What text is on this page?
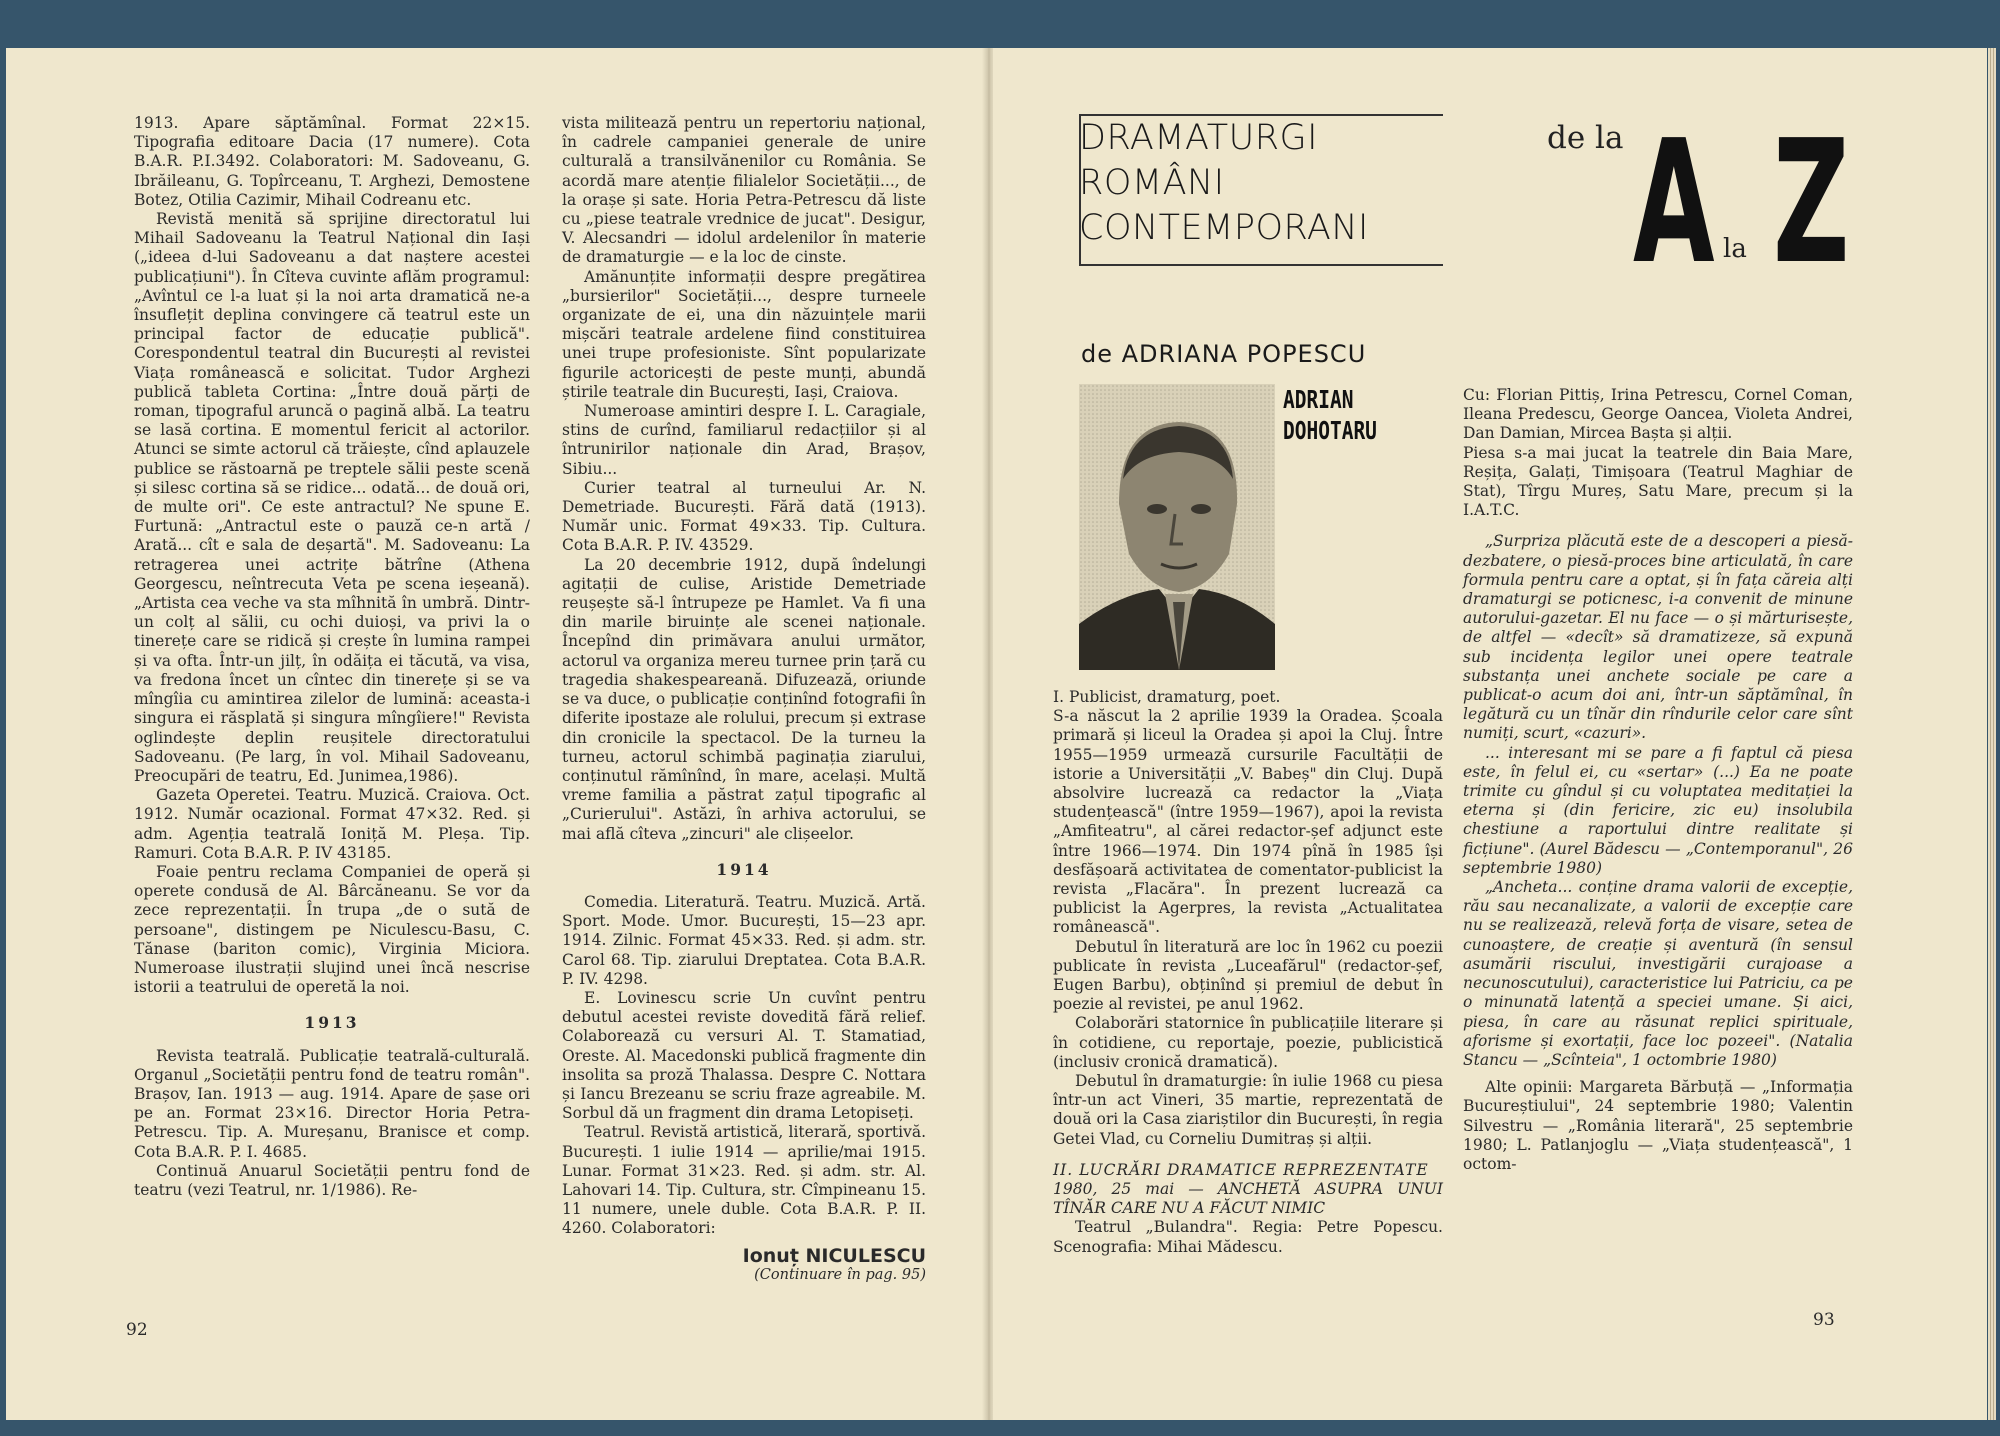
1913. Apare săptămînal. Format 22×15. Tipografia editoare Dacia (17 numere). Cota B.A.R. P.I.3492. Colaboratori: M. Sadoveanu, G. Ibrăileanu, G. Topîrceanu, T. Arghezi, Demostene Botez, Otilia Cazimir, Mihail Codreanu etc.

Revistă menită să sprijine directoratul lui Mihail Sadoveanu la Teatrul Național din Iași („ideea d-lui Sadoveanu a dat naștere acestei publicațiuni"). În Cîteva cuvinte aflăm programul: „Avîntul ce l-a luat și la noi arta dramatică ne-a însuflețit deplina convingere că teatrul este un principal factor de educație publică". Corespondentul teatral din București al revistei Viața românească e solicitat. Tudor Arghezi publică tableta Cortina: „Între două părți de roman, tipograful aruncă o pagină albă. La teatru se lasă cortina. E momentul fericit al actorilor. Atunci se simte actorul că trăiește, cînd aplauzele publice se răstoarnă pe treptele sălii peste scenă și silesc cortina să se ridice... odată... de două ori, de multe ori". Ce este antractul? Ne spune E. Furtună: „Antractul este o pauză ce-n artă / Arată... cît e sala de deșartă". M. Sadoveanu: La retragerea unei actrițe bătrîne (Athena Georgescu, neîntrecuta Veta pe scena ieșeană). „Artista cea veche va sta mîhnită în umbră. Dintr-un colț al sălii, cu ochi duioși, va privi la o tinerețe care se ridică și crește în lumina rampei și va ofta. Într-un jilț, în odăița ei tăcută, va visa, va fredona încet un cîntec din tinerețe și se va mîngîia cu amintirea zilelor de lumină: aceasta-i singura ei răsplată și singura mîngîiere!" Revista oglindește deplin reușitele directoratului Sadoveanu. (Pe larg, în vol. Mihail Sadoveanu, Preocupări de teatru, Ed. Junimea,1986).

Gazeta Operetei. Teatru. Muzică. Craiova. Oct. 1912. Număr ocazional. Format 47×32. Red. și adm. Agenția teatrală Ioniță M. Pleșa. Tip. Ramuri. Cota B.A.R. P. IV 43185.

Foaie pentru reclama Companiei de operă și operete condusă de Al. Bârcăneanu. Se vor da zece reprezentații. În trupa „de o sută de persoane", distingem pe Niculescu-Basu, C. Tănase (bariton comic), Virginia Miciora. Numeroase ilustrații slujind unei încă nescrise istorii a teatrului de operetă la noi.

1913

Revista teatrală. Publicație teatrală-culturală. Organul „Societății pentru fond de teatru român". Brașov, Ian. 1913 — aug. 1914. Apare de șase ori pe an. Format 23×16. Director Horia Petra-Petrescu. Tip. A. Mureșanu, Branisce et comp. Cota B.A.R. P. I. 4685.

Continuă Anuarul Societății pentru fond de teatru (vezi Teatrul, nr. 1/1986). Re-

vista militează pentru un repertoriu național, în cadrele campaniei generale de unire culturală a transilvănenilor cu România. Se acordă mare atenție filialelor Societății..., de la orașe și sate. Horia Petra-Petrescu dă liste cu „piese teatrale vrednice de jucat". Desigur, V. Alecsandri — idolul ardelenilor în materie de dramaturgie — e la loc de cinste.

Amănunțite informații despre pregătirea „bursierilor" Societății..., despre turneele organizate de ei, una din năzuințele marii mișcări teatrale ardelene fiind constituirea unei trupe profesioniste. Sînt popularizate figurile actoricești de peste munți, abundă știrile teatrale din București, Iași, Craiova.

Numeroase amintiri despre I. L. Caragiale, stins de curînd, familiarul redacțiilor și al întrunirilor naționale din Arad, Brașov, Sibiu...

Curier teatral al turneului Ar. N. Demetriade. București. Fără dată (1913). Număr unic. Format 49×33. Tip. Cultura. Cota B.A.R. P. IV. 43529.

La 20 decembrie 1912, după îndelungi agitații de culise, Aristide Demetriade reușește să-l întrupeze pe Hamlet. Va fi una din marile biruințe ale scenei naționale. Începînd din primăvara anului următor, actorul va organiza mereu turnee prin țară cu tragedia shakespeareană. Difuzează, oriunde se va duce, o publicație conținînd fotografii în diferite ipostaze ale rolului, precum și extrase din cronicile la spectacol. De la turneu la turneu, actorul schimbă paginația ziarului, conținutul rămînînd, în mare, același. Multă vreme familia a păstrat zațul tipografic al „Curierului". Astăzi, în arhiva actorului, se mai află cîteva „zincuri" ale clișeelor.

1914

Comedia. Literatură. Teatru. Muzică. Artă. Sport. Mode. Umor. București, 15—23 apr. 1914. Zilnic. Format 45×33. Red. și adm. str. Carol 68. Tip. ziarului Dreptatea. Cota B.A.R. P. IV. 4298.

E. Lovinescu scrie Un cuvînt pentru debutul acestei reviste dovedită fără relief. Colaborează cu versuri Al. T. Stamatiad, Oreste. Al. Macedonski publică fragmente din insolita sa proză Thalassa. Despre C. Nottara și Iancu Brezeanu se scriu fraze agreabile. M. Sorbul dă un fragment din drama Letopiseți.

Teatrul. Revistă artistică, literară, sportivă. București. 1 iulie 1914 — aprilie/mai 1915. Lunar. Format 31×23. Red. și adm. str. Al. Lahovari 14. Tip. Cultura, str. Cîmpineanu 15. 11 numere, unele duble. Cota B.A.R. P. II. 4260. Colaboratori:

Ionuț NICULESCU

(Continuare în pag. 95)

92
DRAMATURGI
ROMÂNI
CONTEMPORANI
de la A la Z
de ADRIANA POPESCU
ADRIAN
DOHOTARU

I. Publicist, dramaturg, poet.

S-a născut la 2 aprilie 1939 la Oradea. Școala primară și liceul la Oradea și apoi la Cluj. Între 1955—1959 urmează cursurile Facultății de istorie a Universității „V. Babeș" din Cluj. După absolvire lucrează ca redactor la „Viața studențească" (între 1959—1967), apoi la revista „Amfiteatru", al cărei redactor-șef adjunct este între 1966—1974. Din 1974 pînă în 1985 își desfășoară activitatea de comentator-publicist la revista „Flacăra". În prezent lucrează ca publicist la Agerpres, la revista „Actualitatea românească".

Debutul în literatură are loc în 1962 cu poezii publicate în revista „Luceafărul" (redactor-șef, Eugen Barbu), obținînd și premiul de debut în poezie al revistei, pe anul 1962.

Colaborări statornice în publicațiile literare și în cotidiene, cu reportaje, poezie, publicistică (inclusiv cronică dramatică).

Debutul în dramaturgie: în iulie 1968 cu piesa într-un act Vineri, 35 martie, reprezentată de două ori la Casa ziariștilor din București, în regia Getei Vlad, cu Corneliu Dumitraș și alții.

II. LUCRĂRI DRAMATICE REPREZENTATE

1980, 25 mai — ANCHETĂ ASUPRA UNUI TÎNĂR CARE NU A FĂCUT NIMIC

Teatrul „Bulandra". Regia: Petre Popescu. Scenografia: Mihai Mădescu.

Cu: Florian Pittiș, Irina Petrescu, Cornel Coman, Ileana Predescu, George Oancea, Violeta Andrei, Dan Damian, Mircea Bașta și alții.

Piesa s-a mai jucat la teatrele din Baia Mare, Reșița, Galați, Timișoara (Teatrul Maghiar de Stat), Tîrgu Mureș, Satu Mare, precum și la I.A.T.C.

„Surpriza plăcută este de a descoperi a piesă-dezbatere, o piesă-proces bine articulată, în care formula pentru care a optat, și în fața căreia alți dramaturgi se poticnesc, i-a convenit de minune autorului-gazetar. El nu face — o și mărturisește, de altfel — «decît» să dramatizeze, să expună sub incidența legilor unei opere teatrale substanța unei anchete sociale pe care a publicat-o acum doi ani, într-un săptămînal, în legătură cu un tînăr din rîndurile celor care sînt numiți, scurt, «cazuri».

... interesant mi se pare a fi faptul că piesa este, în felul ei, cu «sertar» (...) Ea ne poate trimite cu gîndul și cu voluptatea meditației la eterna și (din fericire, zic eu) insolubila chestiune a raportului dintre realitate și ficțiune". (Aurel Bădescu — „Contemporanul", 26 septembrie 1980)

„Ancheta... conține drama valorii de excepție, rău sau necanalizate, a valorii de excepție care nu se realizează, relevă forța de visare, setea de cunoaștere, de creație și aventură (în sensul asumării riscului, investigării curajoase a necunoscutului), caracteristice lui Patriciu, ca pe o minunată latență a speciei umane. Și aici, piesa, în care au răsunat replici spirituale, aforisme și exortații, face loc pozeei". (Natalia Stancu — „Scînteia", 1 octombrie 1980)

Alte opinii: Margareta Bărbuță — „Informația Bucureștiului", 24 septembrie 1980; Valentin Silvestru — „România literară", 25 septembrie 1980; L. Patlanjoglu — „Viața studențească", 1 octom-

93
